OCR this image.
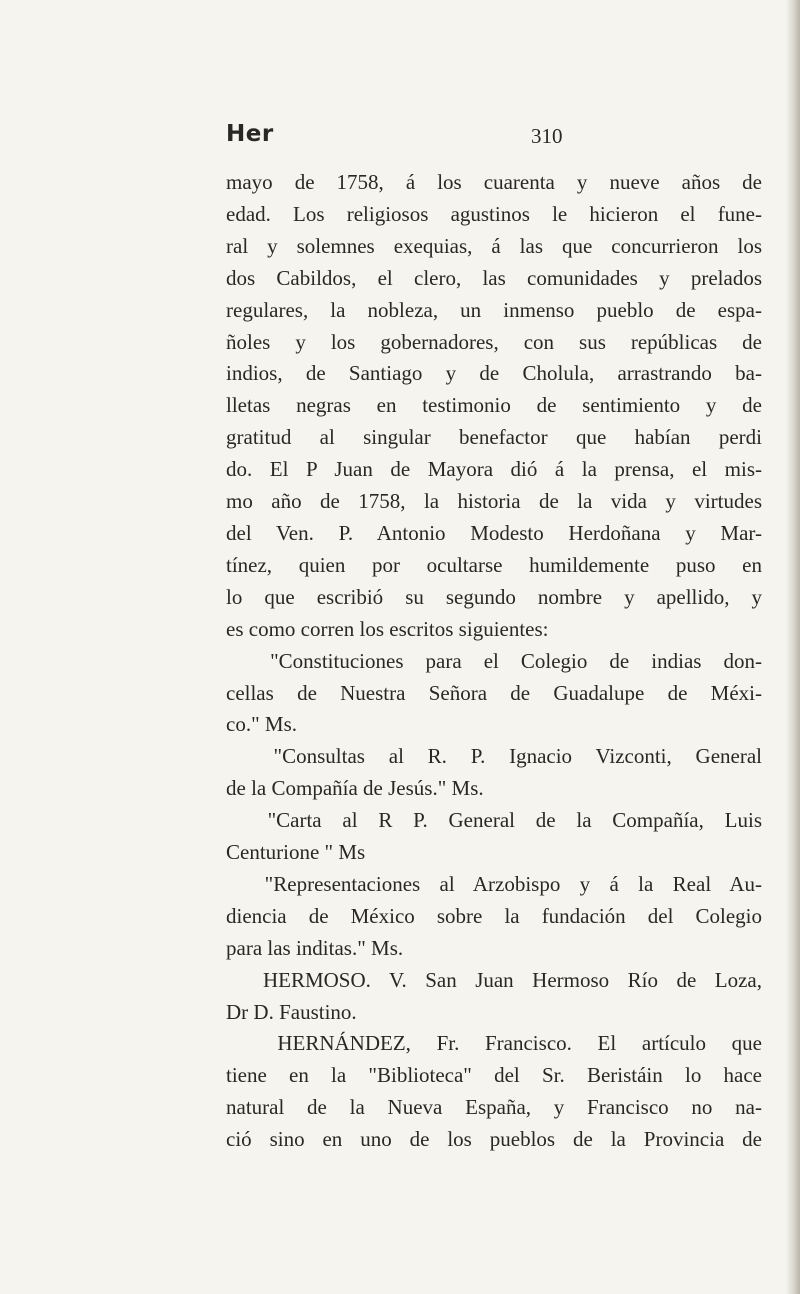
Her	310
mayo de 1758, á los cuarenta y nueve años de
edad. Los religiosos agustinos le hicieron el fune-
ral y solemnes exequias, á las que concurrieron los
dos Cabildos, el clero, las comunidades y prelados
regulares, la nobleza, un inmenso pueblo de espa-
ñoles y los gobernadores, con sus repúblicas de
indios, de Santiago y de Cholula, arrastrando ba-
lletas negras en testimonio de sentimiento y de
gratitud al singular benefactor que habían perdi
do. El P Juan de Mayora dió á la prensa, el mis-
mo año de 1758, la historia de la vida y virtudes
del Ven. P. Antonio Modesto Herdoñana y Mar-
tínez, quien por ocultarse humildemente puso en
lo que escribió su segundo nombre y apellido, y
es como corren los escritos siguientes:
"Constituciones para el Colegio de indias don-
cellas de Nuestra Señora de Guadalupe de Méxi-
co." Ms.
"Consultas al R. P. Ignacio Vizconti, General
de la Compañía de Jesús." Ms.
"Carta al R P. General de la Compañía, Luis
Centurione " Ms
"Representaciones al Arzobispo y á la Real Au-
diencia de México sobre la fundación del Colegio
para las inditas." Ms.
HERMOSO. V. San Juan Hermoso Río de Loza,
Dr D. Faustino.
HERNÁNDEZ, Fr. Francisco. El artículo que
tiene en la "Biblioteca" del Sr. Beristáin lo hace
natural de la Nueva España, y Francisco no na-
ció sino en uno de los pueblos de la Provincia de
